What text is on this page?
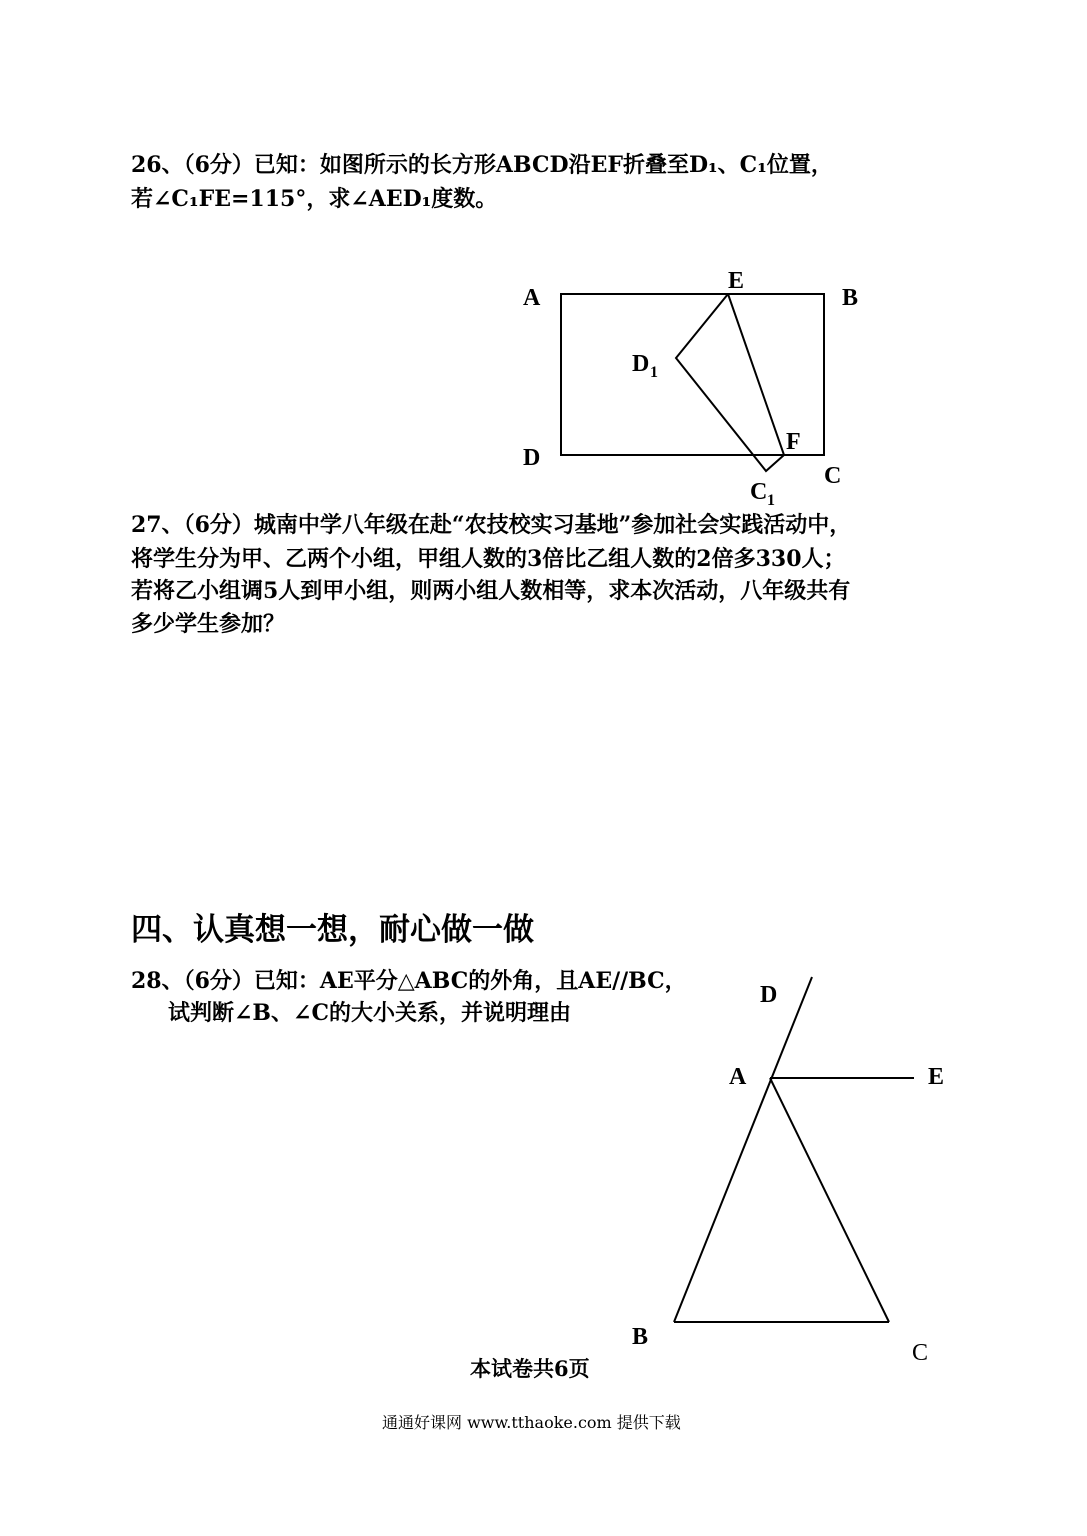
26、（6分）已知：如图所示的长方形ABCD沿EF折叠至D₁、C₁位置，
若∠C₁FE=115°，求∠AED₁度数。
A	B
E
D 1
F
D
C
C 1
D
A	E
B
C
27、（6分）城南中学八年级在赴“农技校实习基地”参加社会实践活动中，
将学生分为甲、乙两个小组，甲组人数的3倍比乙组人数的2倍多330人；
若将乙小组调5人到甲小组，则两小组人数相等，求本次活动，八年级共有
多少学生参加？
四、认真想一想，耐心做一做
28、（6分）已知：AE平分△ABC的外角，且AE//BC，
试判断∠B、∠C的大小关系，并说明理由
本试卷共6页
通通好课网 www.tthaoke.com 提供下载
